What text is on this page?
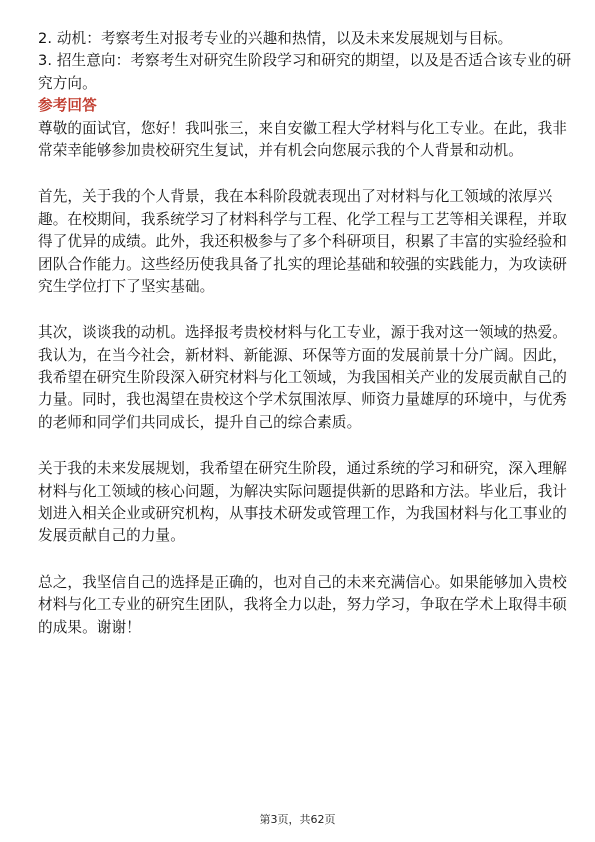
2. 动机：考察考生对报考专业的兴趣和热情，以及未来发展规划与目标。
3. 招生意向：考察考生对研究生阶段学习和研究的期望，以及是否适合该专业的研
究方向。
参考回答
尊敬的面试官，您好！我叫张三，来自安徽工程大学材料与化工专业。在此，我非
常荣幸能够参加贵校研究生复试，并有机会向您展示我的个人背景和动机。
首先，关于我的个人背景，我在本科阶段就表现出了对材料与化工领域的浓厚兴
趣。在校期间，我系统学习了材料科学与工程、化学工程与工艺等相关课程，并取
得了优异的成绩。此外，我还积极参与了多个科研项目，积累了丰富的实验经验和
团队合作能力。这些经历使我具备了扎实的理论基础和较强的实践能力，为攻读研
究生学位打下了坚实基础。
其次，谈谈我的动机。选择报考贵校材料与化工专业，源于我对这一领域的热爱。
我认为，在当今社会，新材料、新能源、环保等方面的发展前景十分广阔。因此，
我希望在研究生阶段深入研究材料与化工领域，为我国相关产业的发展贡献自己的
力量。同时，我也渴望在贵校这个学术氛围浓厚、师资力量雄厚的环境中，与优秀
的老师和同学们共同成长，提升自己的综合素质。
关于我的未来发展规划，我希望在研究生阶段，通过系统的学习和研究，深入理解
材料与化工领域的核心问题，为解决实际问题提供新的思路和方法。毕业后，我计
划进入相关企业或研究机构，从事技术研发或管理工作，为我国材料与化工事业的
发展贡献自己的力量。
总之，我坚信自己的选择是正确的，也对自己的未来充满信心。如果能够加入贵校
材料与化工专业的研究生团队，我将全力以赴，努力学习，争取在学术上取得丰硕
的成果。谢谢！
第3页，共62页
